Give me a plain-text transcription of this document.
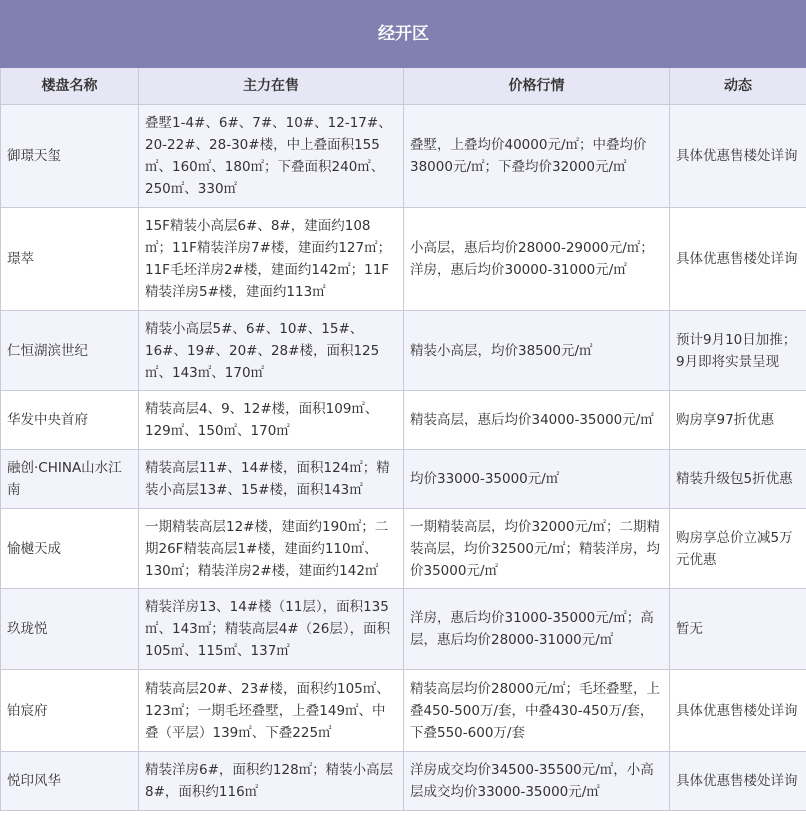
经开区			
楼盘名称	主力在售	价格行情	动态
御璟天玺	叠墅1-4#、6#、7#、10#、12-17#、20-22#、28-30#楼，中上叠面积155㎡、160㎡、180㎡；下叠面积240㎡、250㎡、330㎡	叠墅，上叠均价40000元/㎡；中叠均价38000元/㎡；下叠均价32000元/㎡	具体优惠售楼处详询
璟萃	15F精装小高层6#、8#，建面约108㎡；11F精装洋房7#楼，建面约127㎡；11F毛坯洋房2#楼，建面约142㎡；11F精装洋房5#楼，建面约113㎡	小高层，惠后均价28000-29000元/㎡；洋房，惠后均价30000-31000元/㎡	具体优惠售楼处详询
仁恒湖滨世纪	精装小高层5#、6#、10#、15#、16#、19#、20#、28#楼，面积125㎡、143㎡、170㎡	精装小高层，均价38500元/㎡	预计9月10日加推；9月即将实景呈现
华发中央首府	精装高层4、9、12#楼，面积109㎡、129㎡、150㎡、170㎡	精装高层，惠后均价34000-35000元/㎡	购房享97折优惠
融创·CHINA山水江南	精装高层11#、14#楼，面积124㎡；精装小高层13#、15#楼，面积143㎡	均价33000-35000元/㎡	精装升级包5折优惠
愉樾天成	一期精装高层12#楼，建面约190㎡；二期26F精装高层1#楼，建面约110㎡、130㎡；精装洋房2#楼，建面约142㎡	一期精装高层，均价32000元/㎡；二期精装高层，均价32500元/㎡；精装洋房，均价35000元/㎡	购房享总价立减5万元优惠
玖珑悦	精装洋房13、14#楼（11层），面积135㎡、143㎡；精装高层4#（26层），面积105㎡、115㎡、137㎡	洋房，惠后均价31000-35000元/㎡；高层，惠后均价28000-31000元/㎡	暂无
铂宸府	精装高层20#、23#楼，面积约105㎡、123㎡；一期毛坯叠墅，上叠149㎡、中叠（平层）139㎡、下叠225㎡	精装高层均价28000元/㎡；毛坯叠墅，上叠450-500万/套，中叠430-450万/套，下叠550-600万/套	具体优惠售楼处详询
悦印风华	精装洋房6#，面积约128㎡；精装小高层8#，面积约116㎡	洋房成交均价34500-35500元/㎡，小高层成交均价33000-35000元/㎡	具体优惠售楼处详询
